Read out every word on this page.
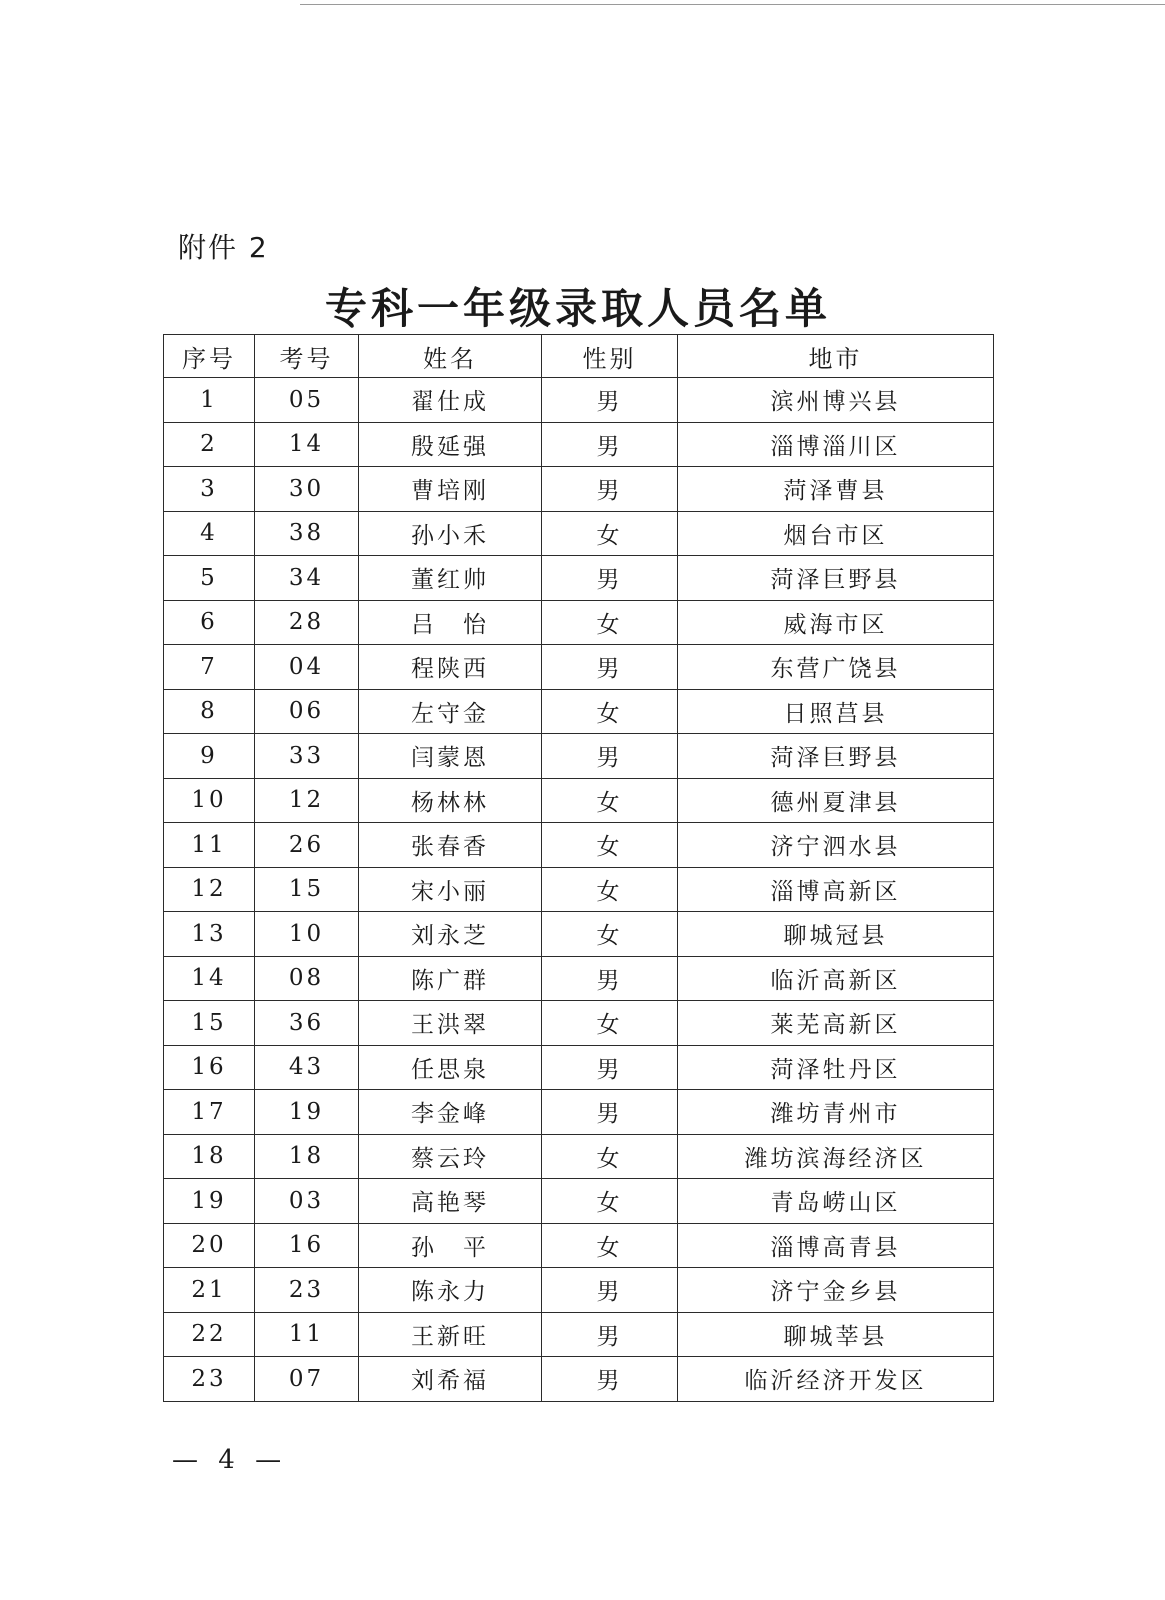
附件 2
专科一年级录取人员名单
序号	考号	姓名	性别	地市
1	05	翟仕成	男	滨州博兴县
2	14	殷延强	男	淄博淄川区
3	30	曹培刚	男	菏泽曹县
4	38	孙小禾	女	烟台市区
5	34	董红帅	男	菏泽巨野县
6	28	吕　怡	女	威海市区
7	04	程陕西	男	东营广饶县
8	06	左守金	女	日照莒县
9	33	闫蒙恩	男	菏泽巨野县
10	12	杨林林	女	德州夏津县
11	26	张春香	女	济宁泗水县
12	15	宋小丽	女	淄博高新区
13	10	刘永芝	女	聊城冠县
14	08	陈广群	男	临沂高新区
15	36	王洪翠	女	莱芜高新区
16	43	任思泉	男	菏泽牡丹区
17	19	李金峰	男	潍坊青州市
18	18	蔡云玲	女	潍坊滨海经济区
19	03	高艳琴	女	青岛崂山区
20	16	孙　平	女	淄博高青县
21	23	陈永力	男	济宁金乡县
22	11	王新旺	男	聊城莘县
23	07	刘希福	男	临沂经济开发区
— 4 —
